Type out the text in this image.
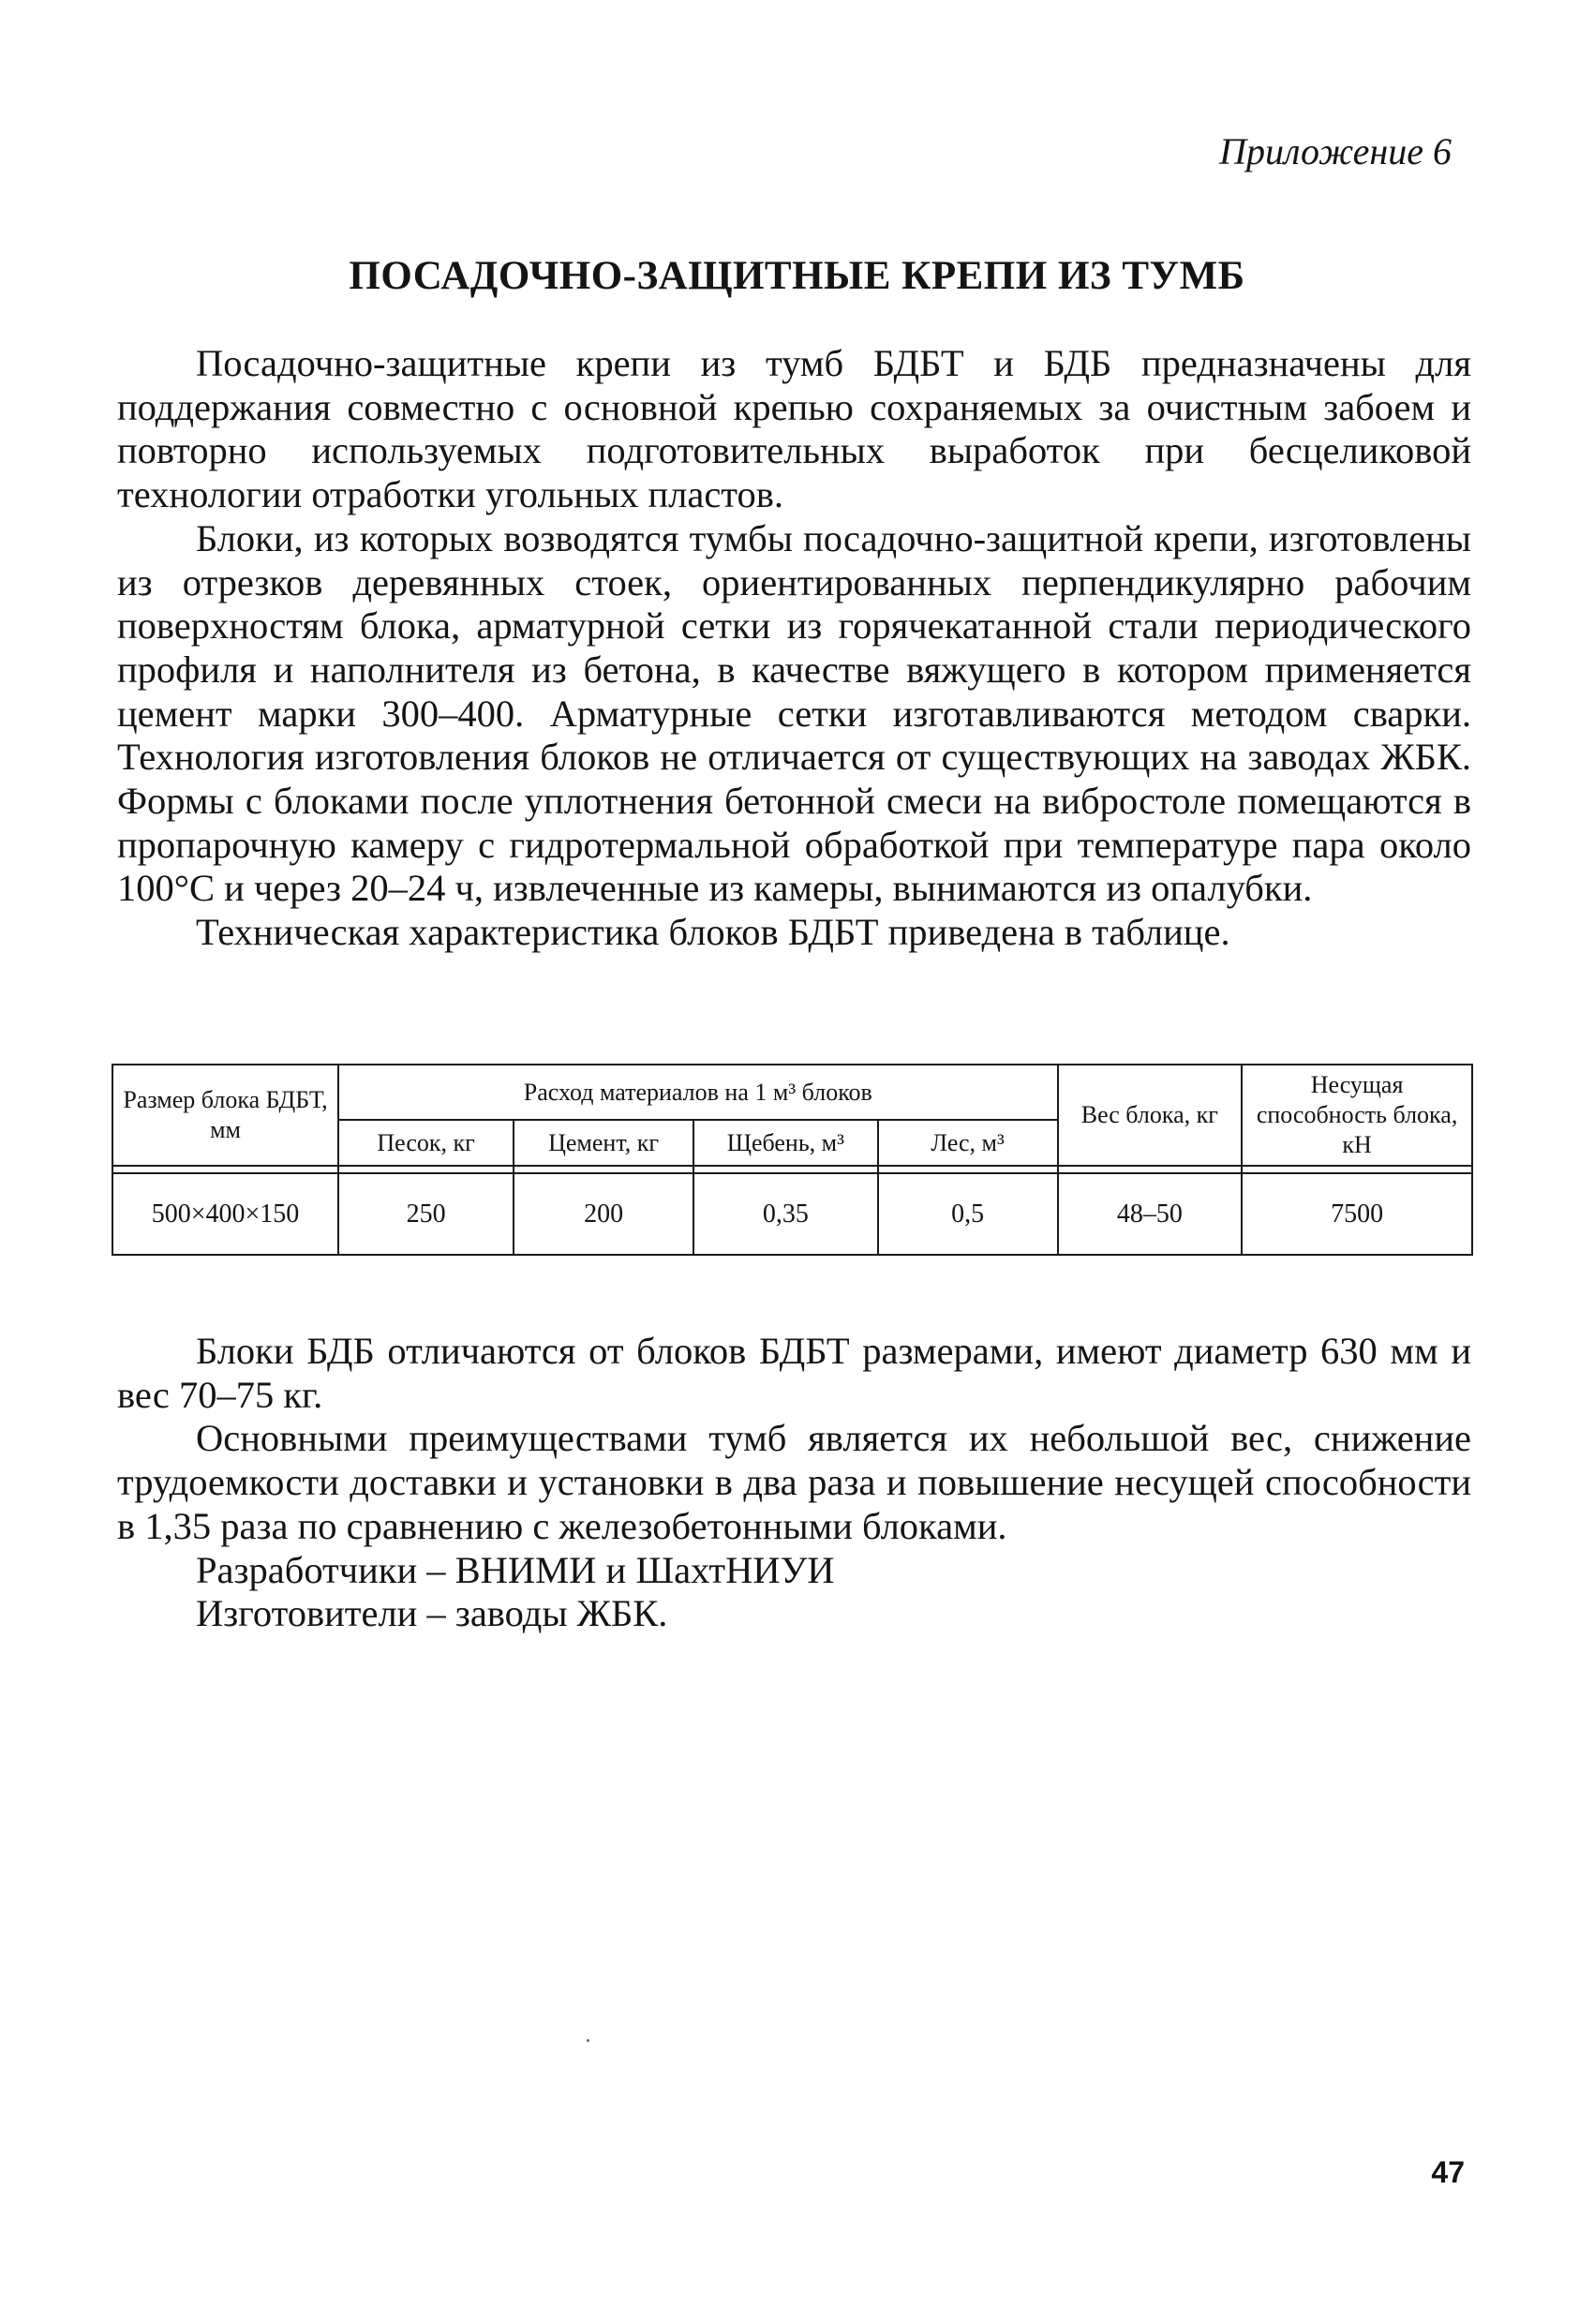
Приложение 6
ПОСАДОЧНО-ЗАЩИТНЫЕ КРЕПИ ИЗ ТУМБ

Посадочно-защитные крепи из тумб БДБТ и БДБ предназначены для поддержания совместно с основной крепью сохраняемых за очистным забоем и повторно используемых подготовительных выработок при бесцеликовой технологии отработки угольных пластов.

Блоки, из которых возводятся тумбы посадочно-защитной крепи, изготовлены из отрезков деревянных стоек, ориентированных перпендикулярно рабочим поверхностям блока, арматурной сетки из горячекатанной стали периодического профиля и наполнителя из бетона, в качестве вяжущего в котором применяется цемент марки 300–400. Арматурные сетки изготавливаются методом сварки. Технология изготовления блоков не отличается от существующих на заводах ЖБК. Формы с блоками после уплотнения бетонной смеси на вибростоле помещаются в пропарочную камеру с гидротермальной обработкой при температуре пара около 100°С и через 20–24 ч, извлеченные из камеры, вынимаются из опалубки.

Техническая характеристика блоков БДБТ приведена в таблице.

Размер блока БДБТ, мм	Расход материалов на 1 м³ блоков				Вес блока, кг	Несущая способность блока, кН
	Песок, кг	Цемент, кг	Щебень, м³	Лес, м³		

500×400×150	250	200	0,35	0,5	48–50	7500

Блоки БДБ отличаются от блоков БДБТ размерами, имеют диаметр 630 мм и вес 70–75 кг.

Основными преимуществами тумб является их небольшой вес, снижение трудоемкости доставки и установки в два раза и повышение несущей способности в 1,35 раза по сравнению с железобетонными блоками.

Разработчики – ВНИМИ и ШахтНИУИ

Изготовители – заводы ЖБК.

47
